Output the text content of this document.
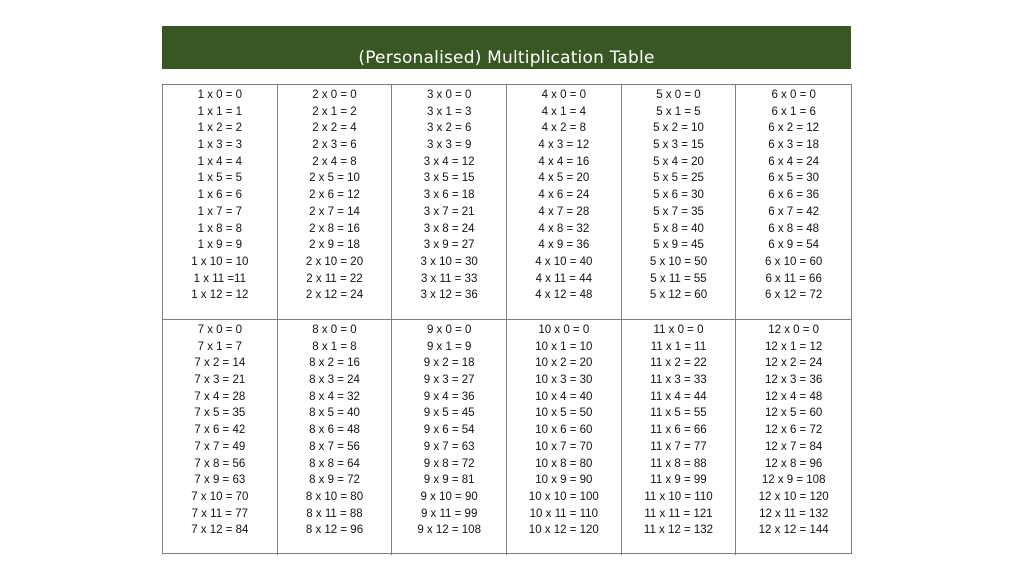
(Personalised) Multiplication Table
1 x 0 = 0
1 x 1 = 1
1 x 2 = 2
1 x 3 = 3
1 x 4 = 4
1 x 5 = 5
1 x 6 = 6
1 x 7 = 7
1 x 8 = 8
1 x 9 = 9
1 x 10 = 10
1 x 11 =11
1 x 12 = 12
2 x 0 = 0
2 x 1 = 2
2 x 2 = 4
2 x 3 = 6
2 x 4 = 8
2 x 5 = 10
2 x 6 = 12
2 x 7 = 14
2 x 8 = 16
2 x 9 = 18
2 x 10 = 20
2 x 11 = 22
2 x 12 = 24
3 x 0 = 0
3 x 1 = 3
3 x 2 = 6
3 x 3 = 9
3 x 4 = 12
3 x 5 = 15
3 x 6 = 18
3 x 7 = 21
3 x 8 = 24
3 x 9 = 27
3 x 10 = 30
3 x 11 = 33
3 x 12 = 36
4 x 0 = 0
4 x 1 = 4
4 x 2 = 8
4 x 3 = 12
4 x 4 = 16
4 x 5 = 20
4 x 6 = 24
4 x 7 = 28
4 x 8 = 32
4 x 9 = 36
4 x 10 = 40
4 x 11 = 44
4 x 12 = 48
5 x 0 = 0
5 x 1 = 5
5 x 2 = 10
5 x 3 = 15
5 x 4 = 20
5 x 5 = 25
5 x 6 = 30
5 x 7 = 35
5 x 8 = 40
5 x 9 = 45
5 x 10 = 50
5 x 11 = 55
5 x 12 = 60
6 x 0 = 0
6 x 1 = 6
6 x 2 = 12
6 x 3 = 18
6 x 4 = 24
6 x 5 = 30
6 x 6 = 36
6 x 7 = 42
6 x 8 = 48
6 x 9 = 54
6 x 10 = 60
6 x 11 = 66
6 x 12 = 72
7 x 0 = 0
7 x 1 = 7
7 x 2 = 14
7 x 3 = 21
7 x 4 = 28
7 x 5 = 35
7 x 6 = 42
7 x 7 = 49
7 x 8 = 56
7 x 9 = 63
7 x 10 = 70
7 x 11 = 77
7 x 12 = 84
8 x 0 = 0
8 x 1 = 8
8 x 2 = 16
8 x 3 = 24
8 x 4 = 32
8 x 5 = 40
8 x 6 = 48
8 x 7 = 56
8 x 8 = 64
8 x 9 = 72
8 x 10 = 80
8 x 11 = 88
8 x 12 = 96
9 x 0 = 0
9 x 1 = 9
9 x 2 = 18
9 x 3 = 27
9 x 4 = 36
9 x 5 = 45
9 x 6 = 54
9 x 7 = 63
9 x 8 = 72
9 x 9 = 81
9 x 10 = 90
9 x 11 = 99
9 x 12 = 108
10 x 0 = 0
10 x 1 = 10
10 x 2 = 20
10 x 3 = 30
10 x 4 = 40
10 x 5 = 50
10 x 6 = 60
10 x 7 = 70
10 x 8 = 80
10 x 9 = 90
10 x 10 = 100
10 x 11 = 110
10 x 12 = 120
11 x 0 = 0
11 x 1 = 11
11 x 2 = 22
11 x 3 = 33
11 x 4 = 44
11 x 5 = 55
11 x 6 = 66
11 x 7 = 77
11 x 8 = 88
11 x 9 = 99
11 x 10 = 110
11 x 11 = 121
11 x 12 = 132
12 x 0 = 0
12 x 1 = 12
12 x 2 = 24
12 x 3 = 36
12 x 4 = 48
12 x 5 = 60
12 x 6 = 72
12 x 7 = 84
12 x 8 = 96
12 x 9 = 108
12 x 10 = 120
12 x 11 = 132
12 x 12 = 144
